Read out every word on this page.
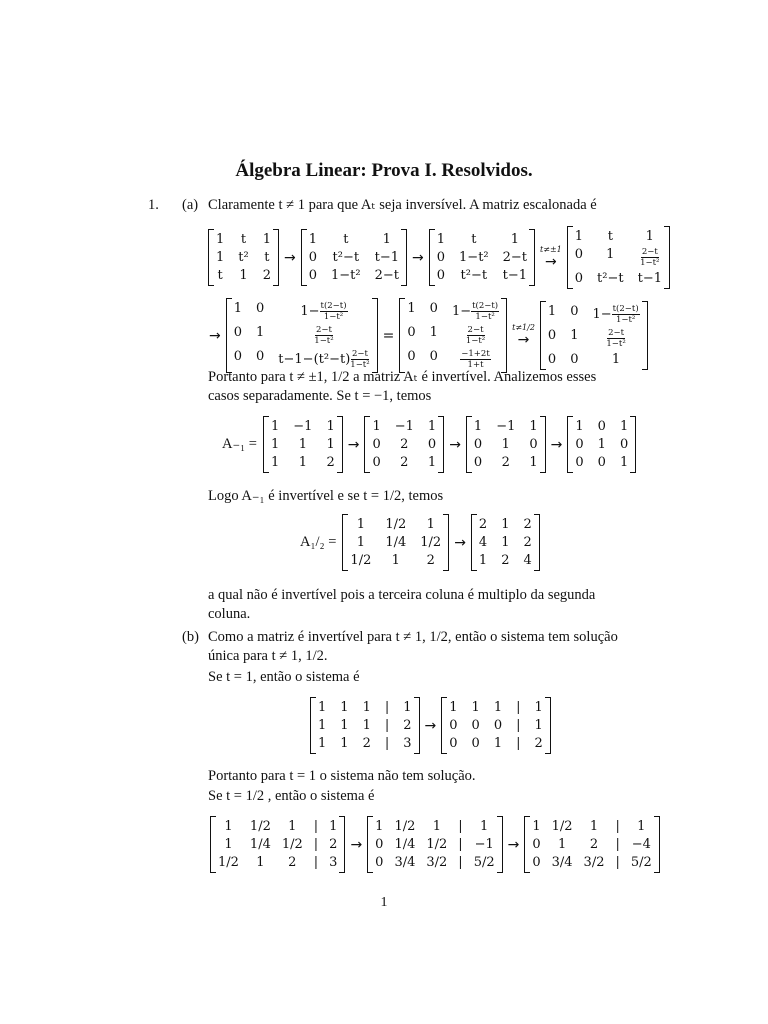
Álgebra Linear: Prova I. Resolvidos.
1. (a) Claramente t ≠ 1 para que Aₜ seja inversível. A matriz escalonada é
1 t 1
1 t² t
t 1 2
→
1	t	1
0 t²−t t−1
0 1−t² 2−t
→
1	t	1
0 1−t² 2−t
0 t²−t t−1
t≠±1
→
1	t	1
0	1	$\frac{2-t}{\text{1−t²}}$
0 t²−t t−1
→
1 0	$1- \frac{t(2-t)}{\text{1−t²}}$
0 1	$\frac{2-t}{\text{1−t²}}$
0 0 $t-1-(t^2-t) \frac{2-t}{\text{1−t²}}$
=
1 0 $1- \frac{t(2-t)}{\text{1−t²}}$
0 1	$\frac{2-t}{\text{1−t²}}$
0 0	$\frac{-1+2t}{1+t}$
t≠1/2
→
1 0 $1- \frac{t(2-t)}{\text{1−t²}}$
0 1	$\frac{2-t}{\text{1−t²}}$
0 0	1
Portanto para t ≠ ±1, 1/2 a matriz Aₜ é invertível. Analizemos esses
casos separadamente. Se t = −1, temos
A₋₁ =
1 −1 1
1	1	1
1	1	2
→
1 −1 1
0	2	0
0	2	1
→
1 −1 1
0	1	0
0	2	1
→
1 0 1
0 1 0
0 0 1
Logo A₋₁ é invertível e se t = 1/2, temos
A₁/₂ =
1	1/2	1
1	1/4 1/2
1/2	1	2
→
2 1 2
4 1 2
1 2 4
a qual não é invertível pois a terceira coluna é multiplo da segunda
coluna.
(b) Como a matriz é invertível para t ≠ 1, 1/2, então o sistema tem solução
única para t ≠ 1, 1/2.
Se t = 1, então o sistema é
1 1 1 | 1
1 1 1 | 2
1 1 2 | 3
→
1 1 1 | 1
0 0 0 | 1
0 0 1 | 2
Portanto para t = 1 o sistema não tem solução.
Se t = 1/2 , então o sistema é
1	1/2	1	| 1
1	1/4 1/2 | 2
1/2	1	2	| 3
→
1 1/2	1	|	1
0 1/4 1/2 | −1
0 3/4 3/2 | 5/2
→
1 1/2	1	|	1
0	1	2	| −4
0 3/4 3/2 | 5/2
1
